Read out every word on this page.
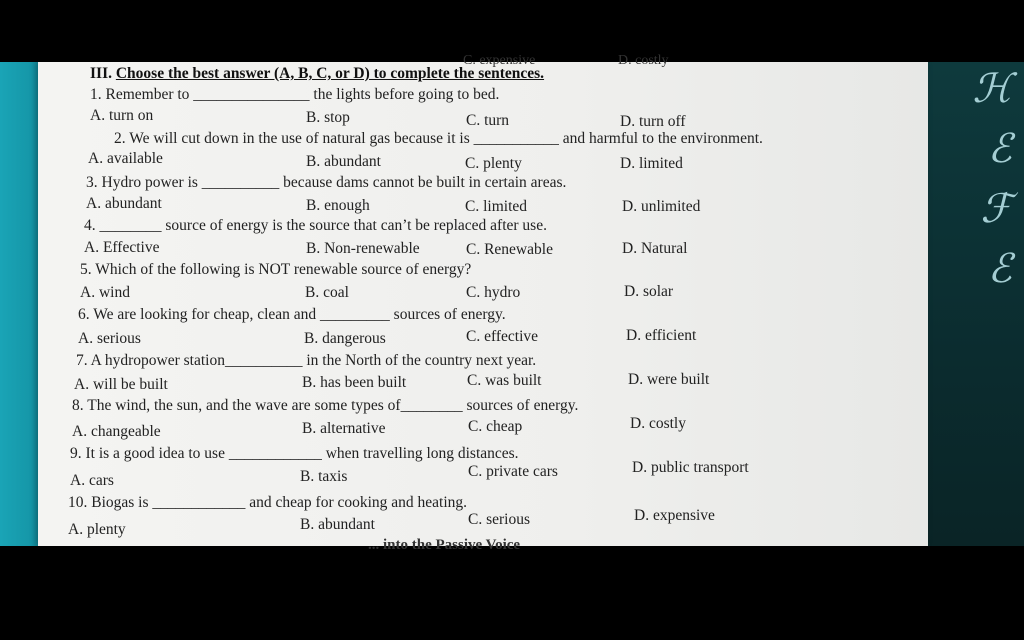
ℋ
ℰ
ℱ
ℰ
C. expensive	D. costly
III. Choose the best answer (A, B, C, or D) to complete the sentences.
1. Remember to _______________ the lights before going to bed.
A. turn on	B. stop	C. turn	D. turn off
2. We will cut down in the use of natural gas because it is ___________ and harmful to the environment.
A. available	B. abundant	C. plenty	D. limited
3. Hydro power is __________ because dams cannot be built in certain areas.
A. abundant	B. enough	C. limited	D. unlimited
4. ________ source of energy is the source that can’t be replaced after use.
A. Effective	B. Non-renewable	C. Renewable	D. Natural
5. Which of the following is NOT renewable source of energy?
A. wind	B. coal	C. hydro	D. solar
6. We are looking for cheap, clean and _________ sources of energy.
A. serious	B. dangerous	C. effective	D. efficient
7. A hydropower station__________ in the North of the country next year.
A. will be built	B. has been built	C. was built	D. were built
8. The wind, the sun, and the wave are some types of________ sources of energy.
A. changeable	B. alternative	C. cheap	D. costly
9. It is a good idea to use ____________ when travelling long distances.
A. cars	B. taxis	C. private cars	D. public transport
10. Biogas is ____________ and cheap for cooking and heating.
A. plenty	B. abundant	C. serious	D. expensive
... into the Passive Voice
